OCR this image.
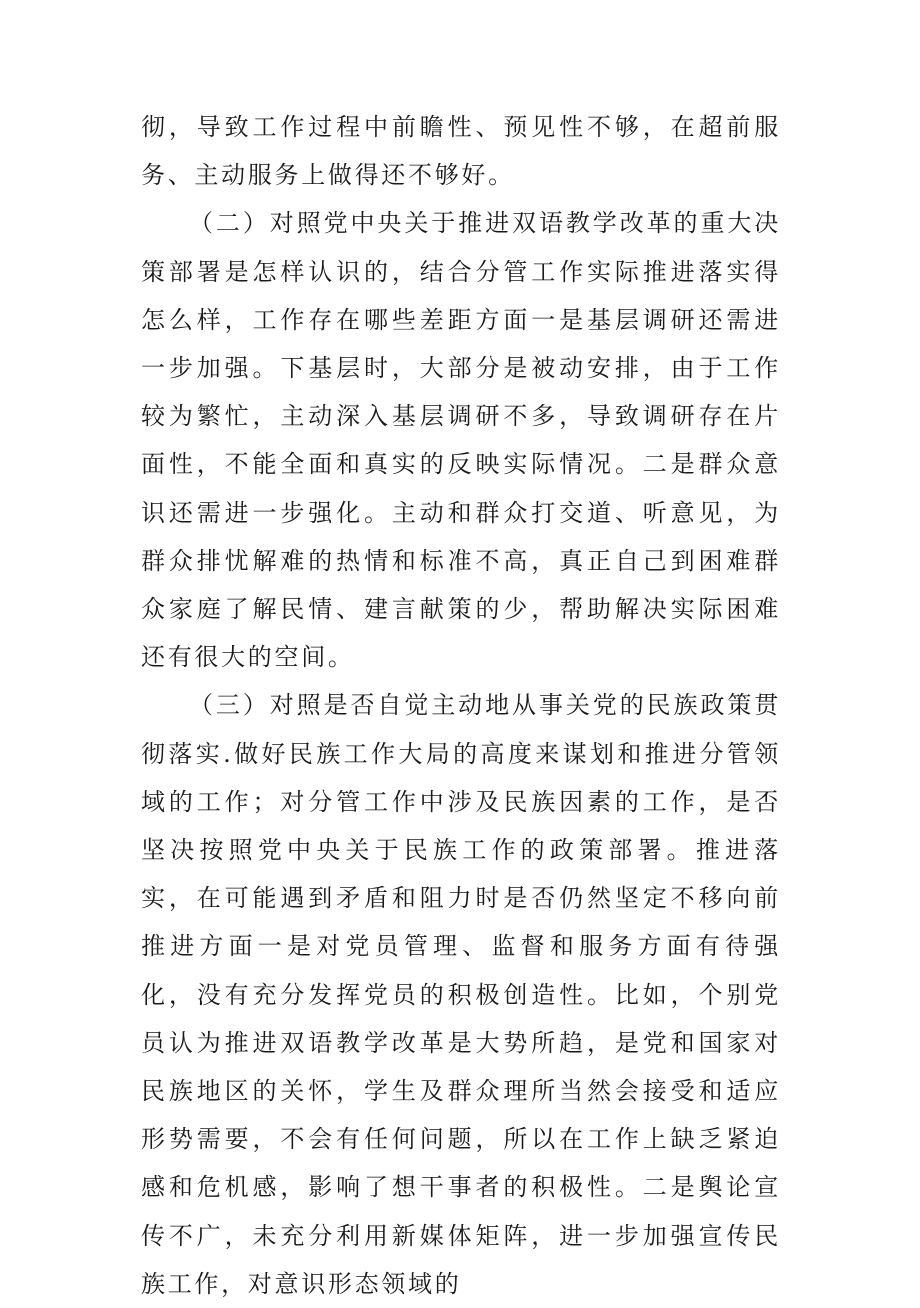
彻，导致工作过程中前瞻性、预见性不够，在超前服务、主动服务上做得还不够好。

（二）对照党中央关于推进双语教学改革的重大决策部署是怎样认识的，结合分管工作实际推进落实得怎么样，工作存在哪些差距方面一是基层调研还需进一步加强。下基层时，大部分是被动安排，由于工作较为繁忙，主动深入基层调研不多，导致调研存在片面性，不能全面和真实的反映实际情况。二是群众意识还需进一步强化。主动和群众打交道、听意见，为群众排忧解难的热情和标准不高，真正自己到困难群众家庭了解民情、建言献策的少，帮助解决实际困难还有很大的空间。

（三）对照是否自觉主动地从事关党的民族政策贯彻落实.做好民族工作大局的高度来谋划和推进分管领域的工作；对分管工作中涉及民族因素的工作，是否坚决按照党中央关于民族工作的政策部署。推进落实，在可能遇到矛盾和阻力时是否仍然坚定不移向前推进方面一是对党员管理、监督和服务方面有待强化，没有充分发挥党员的积极创造性。比如，个别党员认为推进双语教学改革是大势所趋，是党和国家对民族地区的关怀，学生及群众理所当然会接受和适应形势需要，不会有任何问题，所以在工作上缺乏紧迫感和危机感，影响了想干事者的积极性。二是舆论宣传不广，未充分利用新媒体矩阵，进一步加强宣传民族工作，对意识形态领域的
